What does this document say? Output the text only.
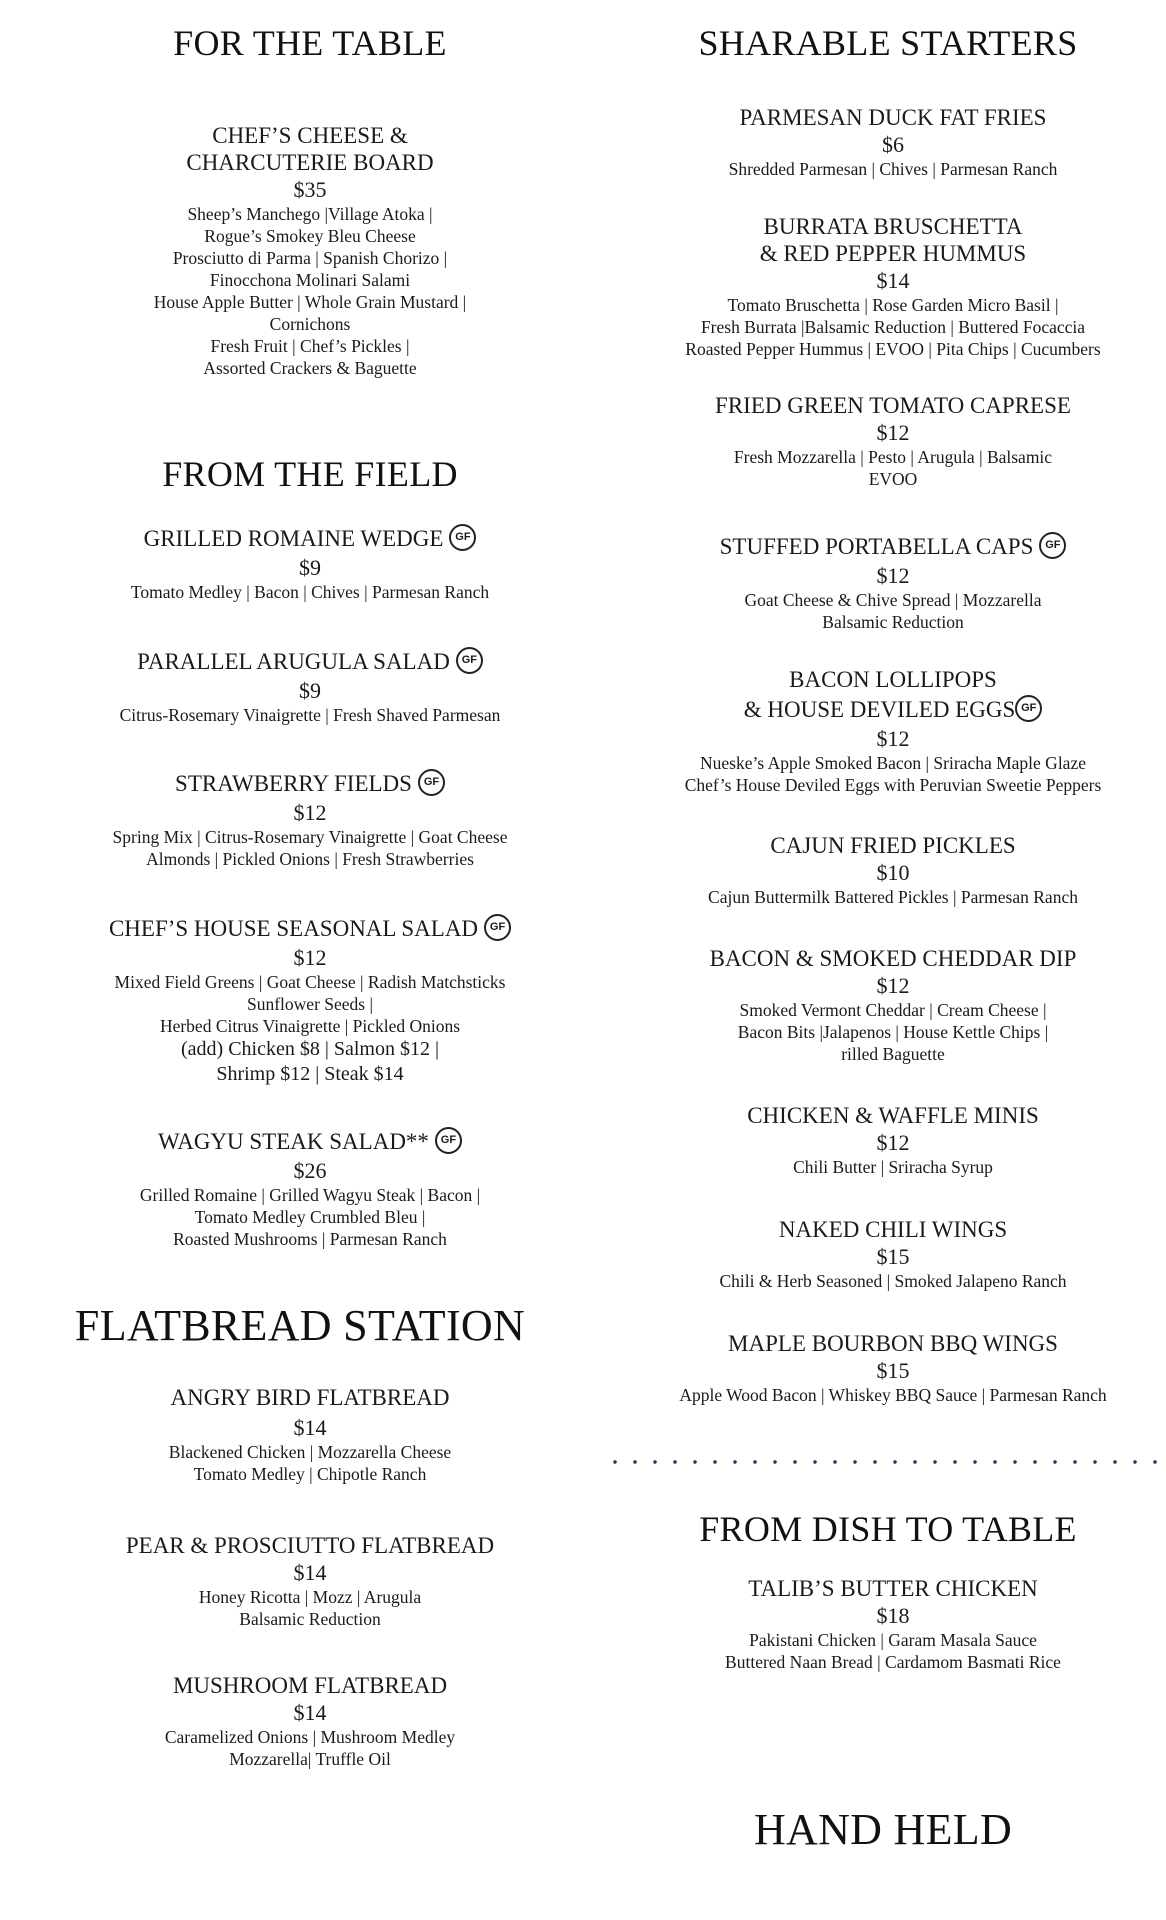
FOR THE TABLE
CHEF’S CHEESE &
CHARCUTERIE BOARD
$35
Sheep’s Manchego |Village Atoka |
Rogue’s Smokey Bleu Cheese
Prosciutto di Parma | Spanish Chorizo |
Finocchona Molinari Salami
House Apple Butter | Whole Grain Mustard |
Cornichons
Fresh Fruit | Chef’s Pickles |
Assorted Crackers & Baguette
FROM THE FIELD
GRILLED ROMAINE WEDGE GF
$9
Tomato Medley | Bacon | Chives | Parmesan Ranch
PARALLEL ARUGULA SALAD GF
$9
Citrus-Rosemary Vinaigrette | Fresh Shaved Parmesan
STRAWBERRY FIELDS GF
$12
Spring Mix | Citrus-Rosemary Vinaigrette | Goat Cheese
Almonds | Pickled Onions | Fresh Strawberries
CHEF’S HOUSE SEASONAL SALAD GF
$12
Mixed Field Greens | Goat Cheese | Radish Matchsticks
Sunflower Seeds |
Herbed Citrus Vinaigrette | Pickled Onions
(add) Chicken $8 | Salmon $12 |
Shrimp $12 | Steak $14
WAGYU STEAK SALAD** GF
$26
Grilled Romaine | Grilled Wagyu Steak | Bacon |
Tomato Medley Crumbled Bleu |
Roasted Mushrooms | Parmesan Ranch
FLATBREAD STATION
ANGRY BIRD FLATBREAD
$14
Blackened Chicken | Mozzarella Cheese
Tomato Medley | Chipotle Ranch
PEAR & PROSCIUTTO FLATBREAD
$14
Honey Ricotta | Mozz | Arugula
Balsamic Reduction
MUSHROOM FLATBREAD
$14
Caramelized Onions | Mushroom Medley
Mozzarella| Truffle Oil
SHARABLE STARTERS
PARMESAN DUCK FAT FRIES
$6
Shredded Parmesan | Chives | Parmesan Ranch
BURRATA BRUSCHETTA
& RED PEPPER HUMMUS
$14
Tomato Bruschetta | Rose Garden Micro Basil |
Fresh Burrata |Balsamic Reduction | Buttered Focaccia
Roasted Pepper Hummus | EVOO | Pita Chips | Cucumbers
FRIED GREEN TOMATO CAPRESE
$12
Fresh Mozzarella | Pesto | Arugula | Balsamic
EVOO
STUFFED PORTABELLA CAPS GF
$12
Goat Cheese & Chive Spread | Mozzarella
Balsamic Reduction
BACON LOLLIPOPS
& HOUSE DEVILED EGGS GF
$12
Nueske’s Apple Smoked Bacon | Sriracha Maple Glaze
Chef’s House Deviled Eggs with Peruvian Sweetie Peppers
CAJUN FRIED PICKLES
$10
Cajun Buttermilk Battered Pickles | Parmesan Ranch
BACON & SMOKED CHEDDAR DIP
$12
Smoked Vermont Cheddar | Cream Cheese |
Bacon Bits |Jalapenos | House Kettle Chips |
rilled Baguette
CHICKEN & WAFFLE MINIS
$12
Chili Butter | Sriracha Syrup
NAKED CHILI WINGS
$15
Chili & Herb Seasoned | Smoked Jalapeno Ranch
MAPLE BOURBON BBQ WINGS
$15
Apple Wood Bacon | Whiskey BBQ Sauce | Parmesan Ranch
FROM DISH TO TABLE
TALIB’S BUTTER CHICKEN
$18
Pakistani Chicken | Garam Masala Sauce
Buttered Naan Bread | Cardamom Basmati Rice
HAND HELD
